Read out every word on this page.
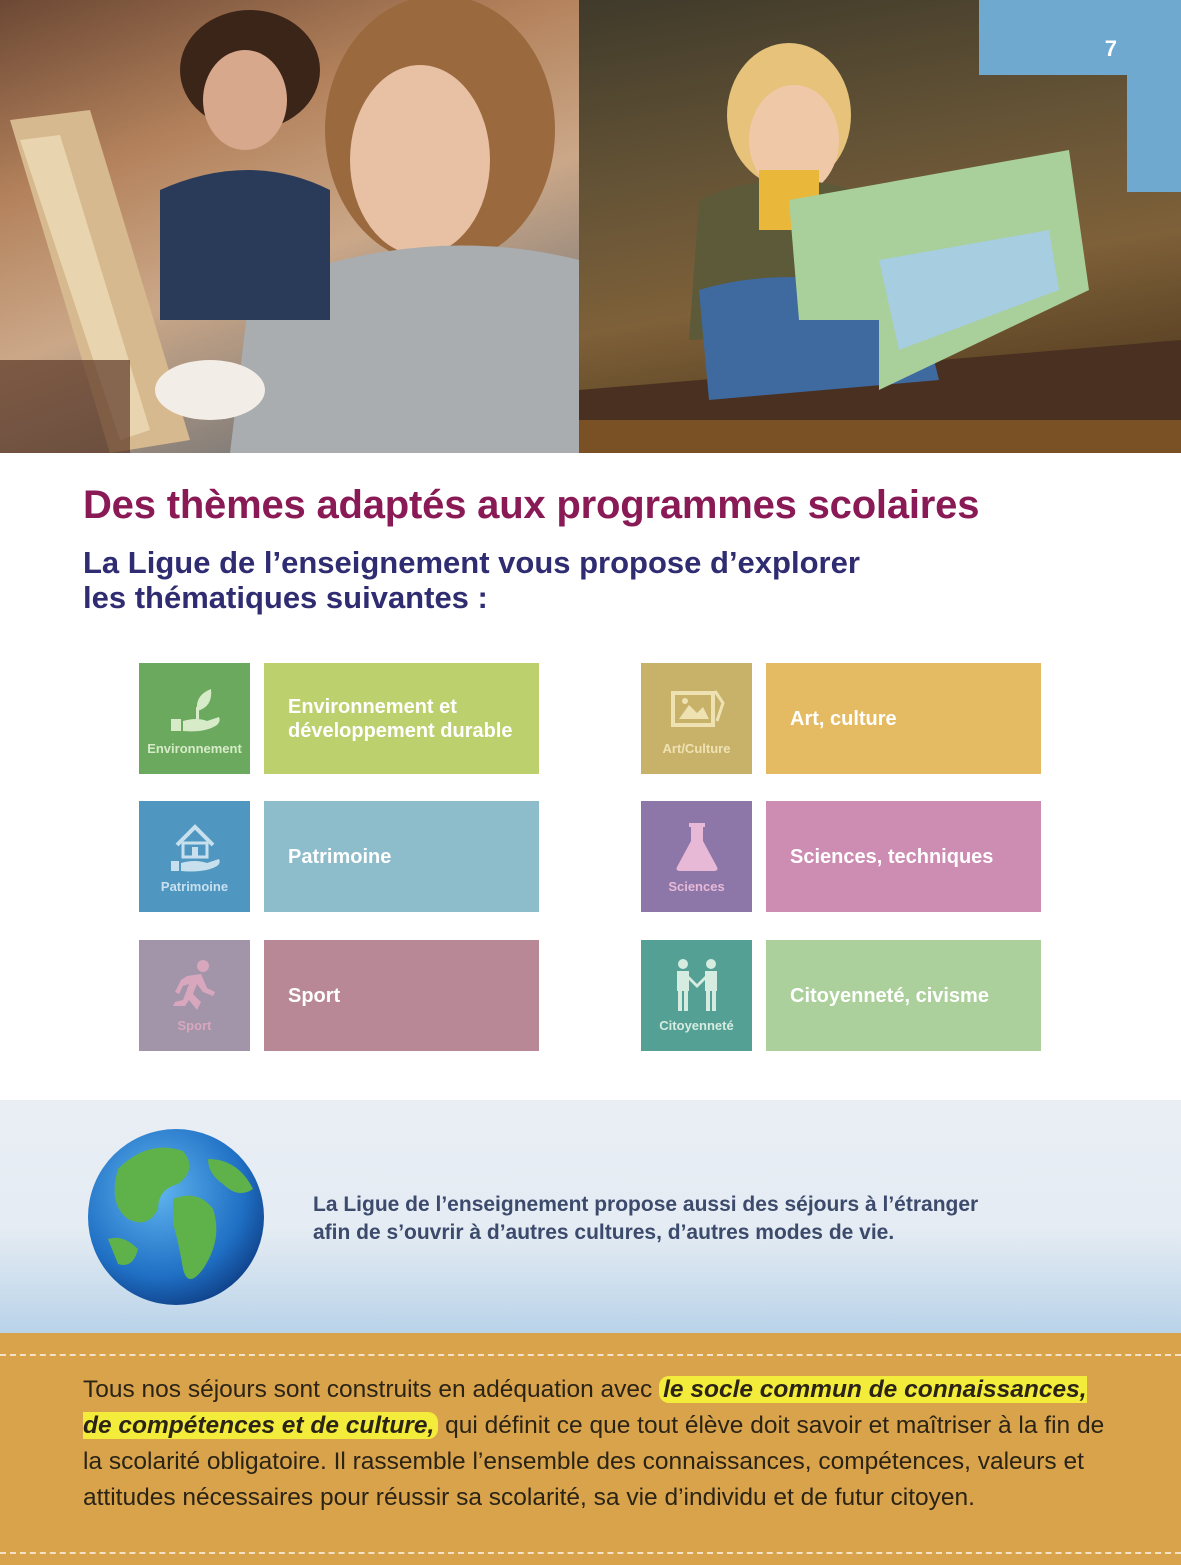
7
Des thèmes adaptés aux programmes scolaires
La Ligue de l’enseignement vous propose d’explorer les thématiques suivantes :
Environnement
Environnement et développement durable
Art/Culture
Art, culture
Patrimoine
Patrimoine
Sciences
Sciences, techniques
Sport
Sport
Citoyenneté
Citoyenneté, civisme

La Ligue de l’enseignement propose aussi des séjours à l’étranger afin de s’ouvrir à d’autres cultures, d’autres modes de vie.

Tous nos séjours sont construits en adéquation avec le socle commun de connaissances, de compétences et de culture, qui définit ce que tout élève doit savoir et maîtriser à la fin de la scolarité obligatoire. Il rassemble l’ensemble des connaissances, compétences, valeurs et attitudes nécessaires pour réussir sa scolarité, sa vie d’individu et de futur citoyen.
